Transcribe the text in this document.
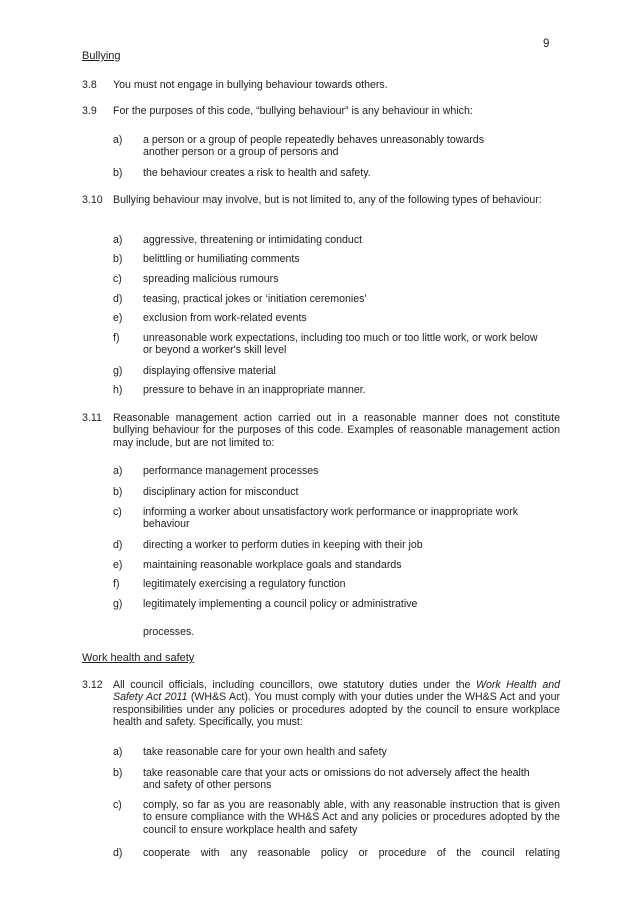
9
Bullying
3.8 You must not engage in bullying behaviour towards others.
3.9 For the purposes of this code, “bullying behaviour” is any behaviour in which:
a) a person or a group of people repeatedly behaves unreasonably towards another person or a group of persons and
b) the behaviour creates a risk to health and safety.
3.10 Bullying behaviour may involve, but is not limited to, any of the following types of behaviour:
a) aggressive, threatening or intimidating conduct
b) belittling or humiliating comments
c) spreading malicious rumours
d) teasing, practical jokes or ‘initiation ceremonies’
e) exclusion from work-related events
f) unreasonable work expectations, including too much or too little work, or work below or beyond a worker's skill level
g) displaying offensive material
h) pressure to behave in an inappropriate manner.
3.11 Reasonable management action carried out in a reasonable manner does not constitute bullying behaviour for the purposes of this code. Examples of reasonable management action may include, but are not limited to:
a) performance management processes
b) disciplinary action for misconduct
c) informing a worker about unsatisfactory work performance or inappropriate work behaviour
d) directing a worker to perform duties in keeping with their job
e) maintaining reasonable workplace goals and standards
f) legitimately exercising a regulatory function
g) legitimately implementing a council policy or administrative
processes.
Work health and safety
3.12 All council officials, including councillors, owe statutory duties under the Work Health and Safety Act 2011 (WH&S Act). You must comply with your duties under the WH&S Act and your responsibilities under any policies or procedures adopted by the council to ensure workplace health and safety. Specifically, you must:
a) take reasonable care for your own health and safety
b) take reasonable care that your acts or omissions do not adversely affect the health and safety of other persons
c) comply, so far as you are reasonably able, with any reasonable instruction that is given to ensure compliance with the WH&S Act and any policies or procedures adopted by the council to ensure workplace health and safety
d) cooperate with any reasonable policy or procedure of the council relating
